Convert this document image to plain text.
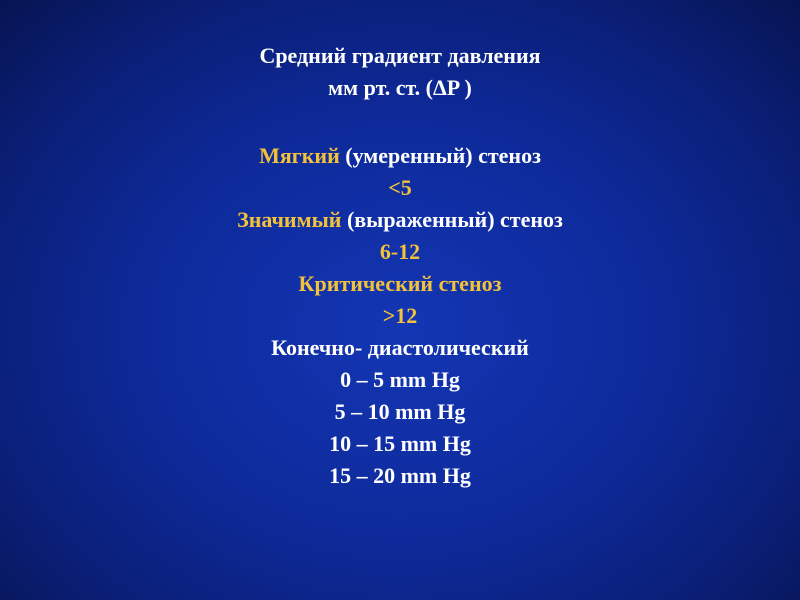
Средний градиент давления
мм рт. ст. (ΔP )
Мягкий (умеренный) стеноз
<5
Значимый (выраженный) стеноз
6-12
Критический стеноз
>12
Конечно- диастолический
0 – 5 mm Hg
5 – 10 mm Hg
10 – 15 mm Hg
15 – 20 mm Hg
